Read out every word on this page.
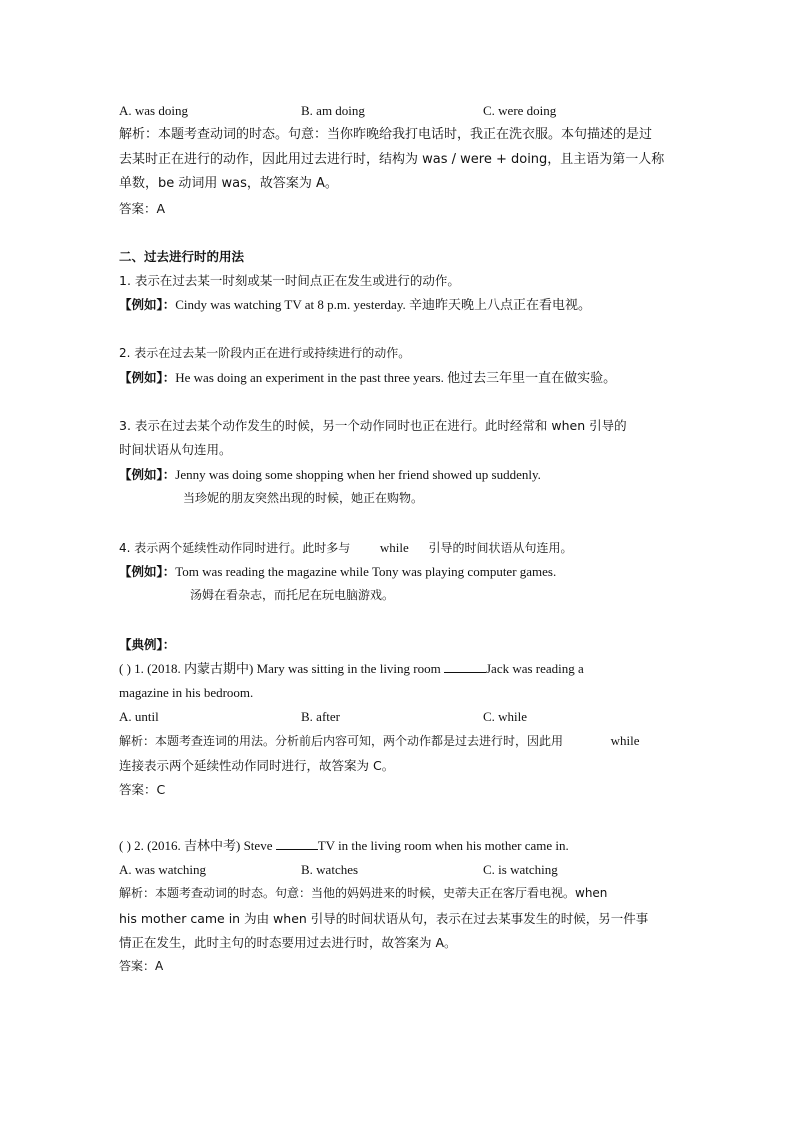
A. was doing	B. am doing	C. were doing
解析：本题考查动词的时态。句意：当你昨晚给我打电话时，我正在洗衣服。本句描述的是过
去某时正在进行的动作，因此用过去进行时，结构为 was / were + doing，且主语为第一人称
单数，be 动词用 was，故答案为 A。
答案：A
二、过去进行时的用法
1. 表示在过去某一时刻或某一时间点正在发生或进行的动作。
【例如】：Cindy was watching TV at 8 p.m. yesterday. 辛迪昨天晚上八点正在看电视。
2. 表示在过去某一阶段内正在进行或持续进行的动作。
【例如】：He was doing an experiment in the past three years. 他过去三年里一直在做实验。
3. 表示在过去某个动作发生的时候，另一个动作同时也正在进行。此时经常和 when 引导的
时间状语从句连用。
【例如】：Jenny was doing some shopping when her friend showed up suddenly.
当珍妮的朋友突然出现的时候，她正在购物。
4. 表示两个延续性动作同时进行。此时多与 while 引导的时间状语从句连用。
【例如】：Tom was reading the magazine while Tony was playing computer games.
汤姆在看杂志，而托尼在玩电脑游戏。
【典例】：
( ) 1. (2018. 内蒙古期中) Mary was sitting in the living room	Jack was reading a
magazine in his bedroom.
A. until	B. after	C. while
解析：本题考查连词的用法。分析前后内容可知，两个动作都是过去进行时，因此用	while
连接表示两个延续性动作同时进行，故答案为 C。
答案：C
( ) 2. (2016. 吉林中考) Steve	TV in the living room when his mother came in.
A. was watching	B. watches	C. is watching
解析：本题考查动词的时态。句意：当他的妈妈进来的时候，史蒂夫正在客厅看电视。when
his mother came in 为由 when 引导的时间状语从句，表示在过去某事发生的时候，另一件事
情正在发生，此时主句的时态要用过去进行时，故答案为 A。
答案：A
